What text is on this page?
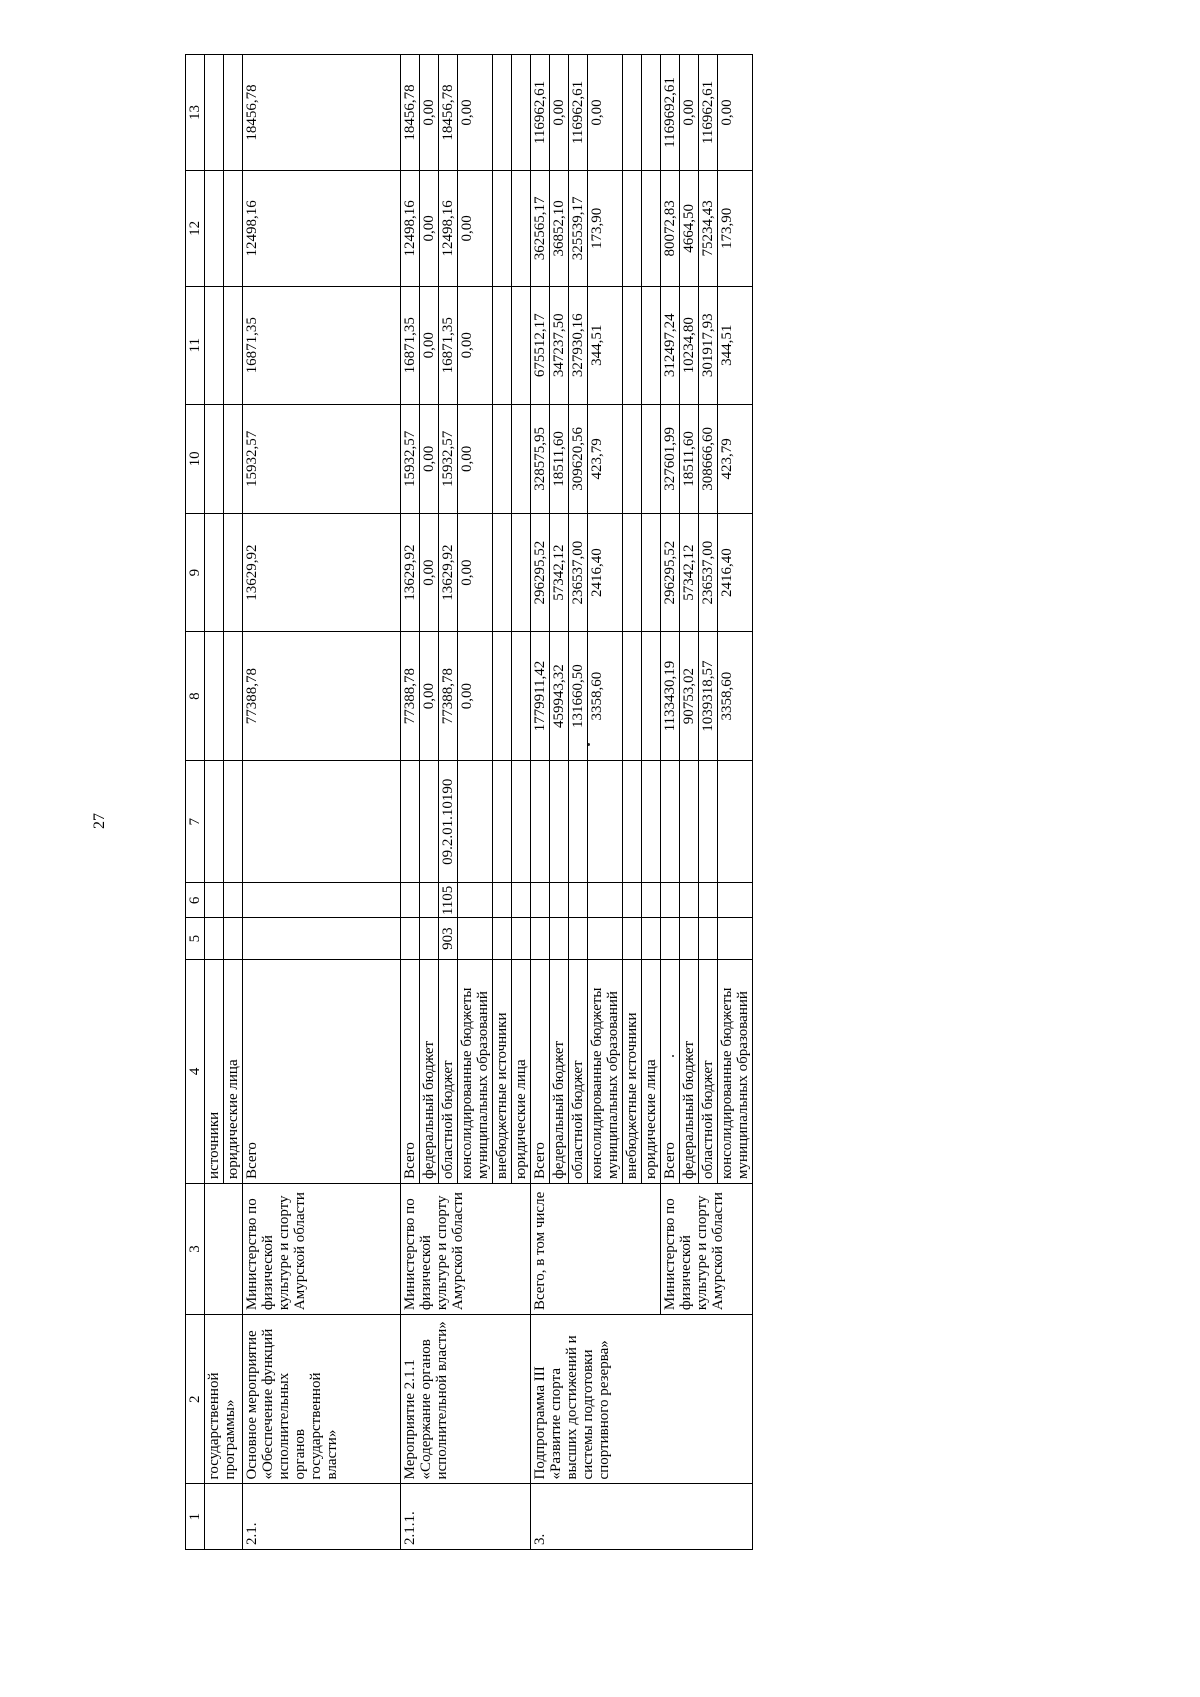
27
1	2	3	4	5	6	7	8	9	10	11	12	13
	государственной программы»		источники									
			юридические лица									
2.1.	Основное мероприятие «Обеспечение функций исполнительных органов государственной власти»	Министерство по физической культуре и спорту Амурской области	Всего				77388,78	13629,92	15932,57	16871,35	12498,16	18456,78
2.1.1.	Мероприятие 2.1.1 «Содержание органов исполнительной власти»	Министерство по физической культуре и спорту Амурской области	Всего				77388,78	13629,92	15932,57	16871,35	12498,16	18456,78
			федеральный бюджет				0,00	0,00	0,00	0,00	0,00	0,00
			областной бюджет	903	1105	09.2.01.10190	77388,78	13629,92	15932,57	16871,35	12498,16	18456,78
			консолидированные бюджеты муниципальных образований				0,00	0,00	0,00	0,00	0,00	0,00
			внебюджетные источники									
			юридические лица									
3.	Подпрограмма III «Развитие спорта высших достижений и системы подготовки спортивного резерва»	Всего, в том числе	Всего				1779911,42	296295,52	328575,95	675512,17	362565,17	116962,61
			федеральный бюджет				459943,32	57342,12	18511,60	347237,50	36852,10	0,00
			областной бюджет				131660,50	236537,00	309620,56	327930,16	325539,17	116962,61
			консолидированные бюджеты муниципальных образований				3358,60	2416,40	423,79	344,51	173,90	0,00
			внебюджетные источники									
			юридические лица									
		Министерство по физической культуре и спорту Амурской области	Всего				1133430,19	296295,52	327601,99	312497,24	80072,83	1169692,61
			федеральный бюджет				90753,02	57342,12	18511,60	10234,80	4664,50	0,00
			областной бюджет				1039318,57	236537,00	308666,60	301917,93	75234,43	116962,61
			консолидированные бюджеты муниципальных образований				3358,60	2416,40	423,79	344,51	173,90	0,00
